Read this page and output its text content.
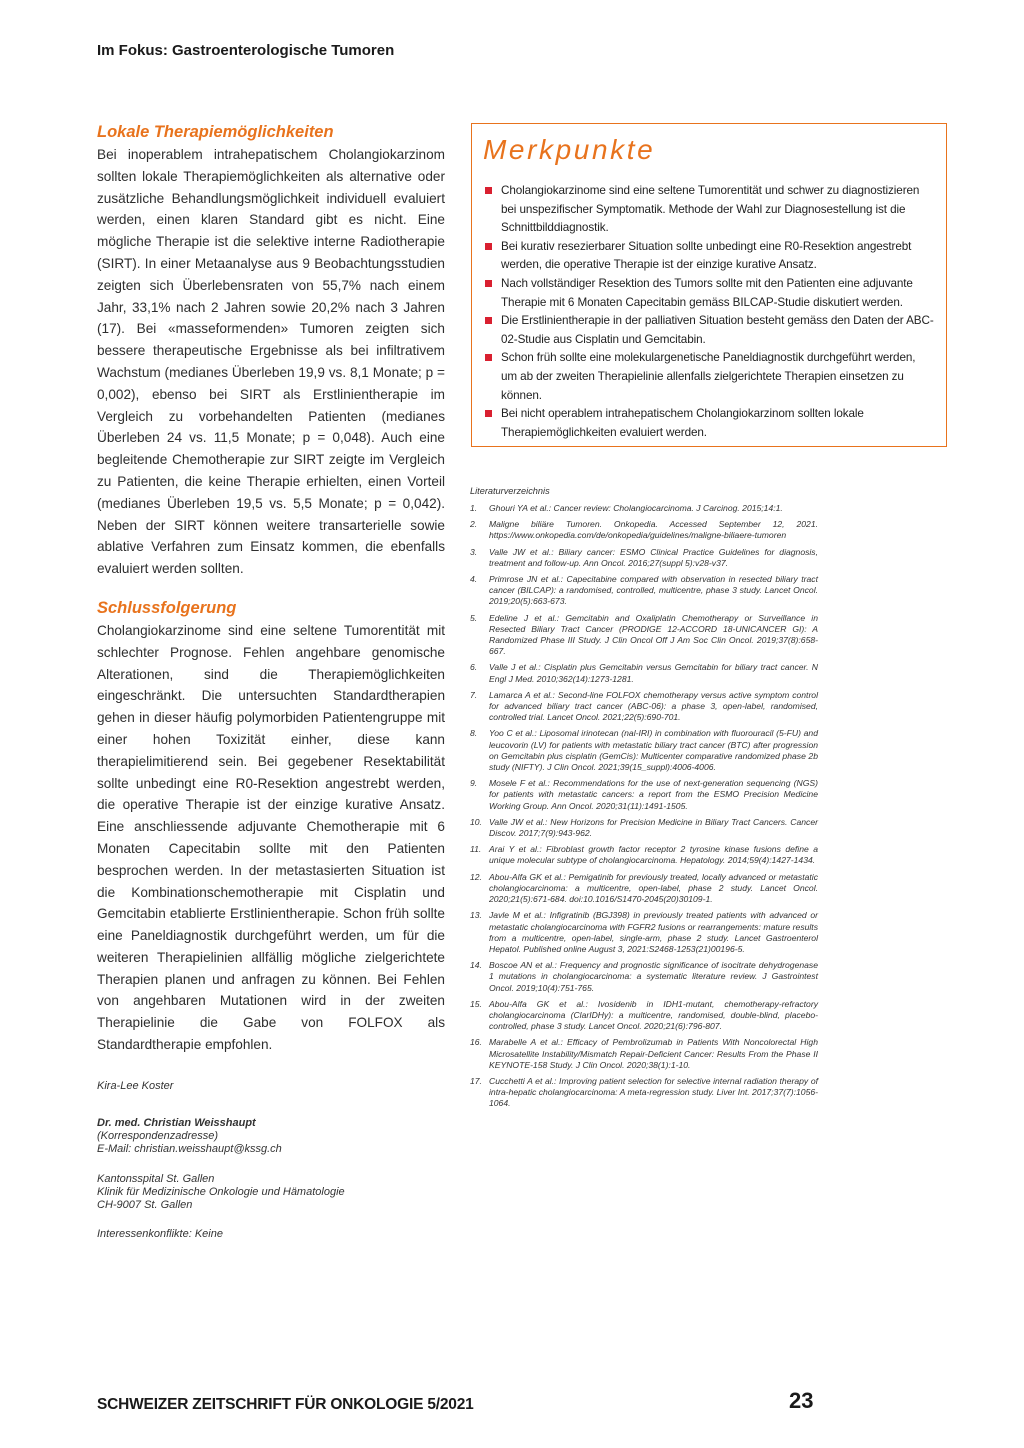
Im Fokus: Gastroenterologische Tumoren
Lokale Therapiemöglichkeiten

Bei inoperablem intrahepatischem Cholangiokarzinom sollten lokale Therapiemöglichkeiten als alternative oder zusätzliche Behandlungsmöglichkeit individuell evaluiert werden, einen klaren Standard gibt es nicht. Eine mögliche Therapie ist die selektive interne Radiotherapie (SIRT). In einer Metaanalyse aus 9 Beobachtungsstudien zeigten sich Überlebensraten von 55,7% nach einem Jahr, 33,1% nach 2 Jahren sowie 20,2% nach 3 Jahren (17). Bei «masseformenden» Tumoren zeigten sich bessere therapeutische Ergebnisse als bei infiltrativem Wachstum (medianes Überleben 19,9 vs. 8,1 Monate; p = 0,002), ebenso bei SIRT als Erstlinientherapie im Vergleich zu vorbehandelten Patienten (medianes Überleben 24 vs. 11,5 Monate; p = 0,048). Auch eine begleitende Chemotherapie zur SIRT zeigte im Vergleich zu Patienten, die keine Therapie erhielten, einen Vorteil (medianes Überleben 19,5 vs. 5,5 Monate; p = 0,042). Neben der SIRT können weitere transarterielle sowie ablative Verfahren zum Einsatz kommen, die ebenfalls evaluiert werden sollten.

Schlussfolgerung

Cholangiokarzinome sind eine seltene Tumorentität mit schlechter Prognose. Fehlen angehbare genomische Alterationen, sind die Therapiemöglichkeiten eingeschränkt. Die untersuchten Standardtherapien gehen in dieser häufig polymorbiden Patientengruppe mit einer hohen Toxizität einher, diese kann therapielimitierend sein. Bei gegebener Resektabilität sollte unbedingt eine R0-Resektion angestrebt werden, die operative Therapie ist der einzige kurative Ansatz. Eine anschliessende adjuvante Chemotherapie mit 6 Monaten Capecitabin sollte mit den Patienten besprochen werden. In der metastasierten Situation ist die Kombinationschemotherapie mit Cisplatin und Gemcitabin etablierte Erstlinientherapie. Schon früh sollte eine Paneldiagnostik durchgeführt werden, um für die weiteren Therapielinien allfällig mögliche zielgerichtete Therapien planen und anfragen zu können. Bei Fehlen von angehbaren Mutationen wird in der zweiten Therapielinie die Gabe von FOLFOX als Standardtherapie empfohlen.

Kira-Lee Koster

Dr. med. Christian Weisshaupt

(Korrespondenzadresse)

E-Mail: christian.weisshaupt@kssg.ch

Kantonsspital St. Gallen

Klinik für Medizinische Onkologie und Hämatologie

CH-9007 St. Gallen

Interessenkonflikte: Keine

Merkpunkte
Cholangiokarzinome sind eine seltene Tumorentität und schwer zu diagnostizieren bei unspezifischer Symptomatik. Methode der Wahl zur Diagnosestellung ist die Schnittbilddiagnostik.
Bei kurativ resezierbarer Situation sollte unbedingt eine R0-Resektion angestrebt werden, die operative Therapie ist der einzige kurative Ansatz.
Nach vollständiger Resektion des Tumors sollte mit den Patienten eine adjuvante Therapie mit 6 Monaten Capecitabin gemäss BILCAP-Studie diskutiert werden.
Die Erstlinientherapie in der palliativen Situation besteht gemäss den Daten der ABC-02-Studie aus Cisplatin und Gemcitabin.
Schon früh sollte eine molekulargenetische Paneldiagnostik durchgeführt werden, um ab der zweiten Therapielinie allenfalls zielgerichtete Therapien einsetzen zu können.
Bei nicht operablem intrahepatischem Cholangiokarzinom sollten lokale Therapiemöglichkeiten evaluiert werden.

Literaturverzeichnis

1. Ghouri YA et al.: Cancer review: Cholangiocarcinoma. J Carcinog. 2015;14:1.
2. Maligne biliäre Tumoren. Onkopedia. Accessed September 12, 2021. https://www.onkopedia.com/de/onkopedia/guidelines/maligne-biliaere-tumoren
3. Valle JW et al.: Biliary cancer: ESMO Clinical Practice Guidelines for diagnosis, treatment and follow-up. Ann Oncol. 2016;27(suppl 5):v28-v37.
4. Primrose JN et al.: Capecitabine compared with observation in resected biliary tract cancer (BILCAP): a randomised, controlled, multicentre, phase 3 study. Lancet Oncol. 2019;20(5):663-673.
5. Edeline J et al.: Gemcitabin and Oxaliplatin Chemotherapy or Surveillance in Resected Biliary Tract Cancer (PRODIGE 12-ACCORD 18-UNICANCER GI): A Randomized Phase III Study. J Clin Oncol Off J Am Soc Clin Oncol. 2019;37(8):658-667.
6. Valle J et al.: Cisplatin plus Gemcitabin versus Gemcitabin for biliary tract cancer. N Engl J Med. 2010;362(14):1273-1281.
7. Lamarca A et al.: Second-line FOLFOX chemotherapy versus active symptom control for advanced biliary tract cancer (ABC-06): a phase 3, open-label, randomised, controlled trial. Lancet Oncol. 2021;22(5):690-701.
8. Yoo C et al.: Liposomal irinotecan (nal-IRI) in combination with fluorouracil (5-FU) and leucovorin (LV) for patients with metastatic biliary tract cancer (BTC) after progression on Gemcitabin plus cisplatin (GemCis): Multicenter comparative randomized phase 2b study (NIFTY). J Clin Oncol. 2021;39(15_suppl):4006-4006.
9. Mosele F et al.: Recommendations for the use of next-generation sequencing (NGS) for patients with metastatic cancers: a report from the ESMO Precision Medicine Working Group. Ann Oncol. 2020;31(11):1491-1505.
10. Valle JW et al.: New Horizons for Precision Medicine in Biliary Tract Cancers. Cancer Discov. 2017;7(9):943-962.
11. Arai Y et al.: Fibroblast growth factor receptor 2 tyrosine kinase fusions define a unique molecular subtype of cholangiocarcinoma. Hepatology. 2014;59(4):1427-1434.
12. Abou-Alfa GK et al.: Pemigatinib for previously treated, locally advanced or metastatic cholangiocarcinoma: a multicentre, open-label, phase 2 study. Lancet Oncol. 2020;21(5):671-684. doi:10.1016/S1470-2045(20)30109-1.
13. Javle M et al.: Infigratinib (BGJ398) in previously treated patients with advanced or metastatic cholangiocarcinoma with FGFR2 fusions or rearrangements: mature results from a multicentre, open-label, single-arm, phase 2 study. Lancet Gastroenterol Hepatol. Published online August 3, 2021:S2468-1253(21)00196-5.
14. Boscoe AN et al.: Frequency and prognostic significance of isocitrate dehydrogenase 1 mutations in cholangiocarcinoma: a systematic literature review. J Gastrointest Oncol. 2019;10(4):751-765.
15. Abou-Alfa GK et al.: Ivosidenib in IDH1-mutant, chemotherapy-refractory cholangiocarcinoma (ClarIDHy): a multicentre, randomised, double-blind, placebo-controlled, phase 3 study. Lancet Oncol. 2020;21(6):796-807.
16. Marabelle A et al.: Efficacy of Pembrolizumab in Patients With Noncolorectal High Microsatellite Instability/Mismatch Repair-Deficient Cancer: Results From the Phase II KEYNOTE-158 Study. J Clin Oncol. 2020;38(1):1-10.
17. Cucchetti A et al.: Improving patient selection for selective internal radiation therapy of intra-hepatic cholangiocarcinoma: A meta-regression study. Liver Int. 2017;37(7):1056-1064.
SCHWEIZER ZEITSCHRIFT FÜR ONKOLOGIE 5/2021	23
